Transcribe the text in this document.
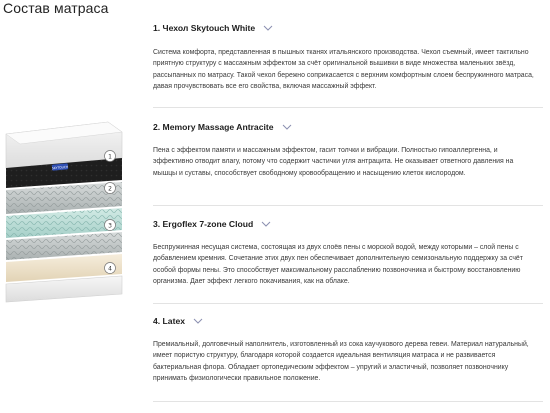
Состав матраса
SKYTOUCH
1
2
3
4
1. Чехол Skytouch White

Система комфорта, представленная в пышных тканях итальянского производства. Чехол съемный, имеет тактильно приятную структуру с массажным эффектом за счёт оригинальной вышивки в виде множества маленьких звёзд, рассыпанных по матрасу. Такой чехол бережно соприкасается с верхним комфортным слоем беспружинного матраса, давая прочувствовать все его свойства, включая массажный эффект.

2. Memory Massage Antracite

Пена с эффектом памяти и массажным эффектом, гасит толчки и вибрации. Полностью гипоаллергенна, и эффективно отводит влагу, потому что содержит частички угля антрацита. Не оказывает ответного давления на мышцы и суставы, способствует свободному кровообращению и насыщению клеток кислородом.

3. Ergoflex 7-zone Cloud

Беспружинная несущая система, состоящая из двух слоёв пены с морской водой, между которыми – слой пены с добавлением кремния. Сочетание этих двух пен обеспечивает дополнительную семизональную поддержку за счёт особой формы пены. Это способствует максимальному расслаблению позвоночника и быстрому восстановлению организма. Дает эффект легкого покачивания, как на облаке.

4. Latex

Премиальный, долговечный наполнитель, изготовленный из сока каучукового дерева гевеи. Материал натуральный, имеет пористую структуру, благодаря которой создается идеальная вентиляция матраса и не развивается бактериальная флора. Обладает ортопедическим эффектом – упругий и эластичный, позволяет позвоночнику принимать физиологически правильное положение.
